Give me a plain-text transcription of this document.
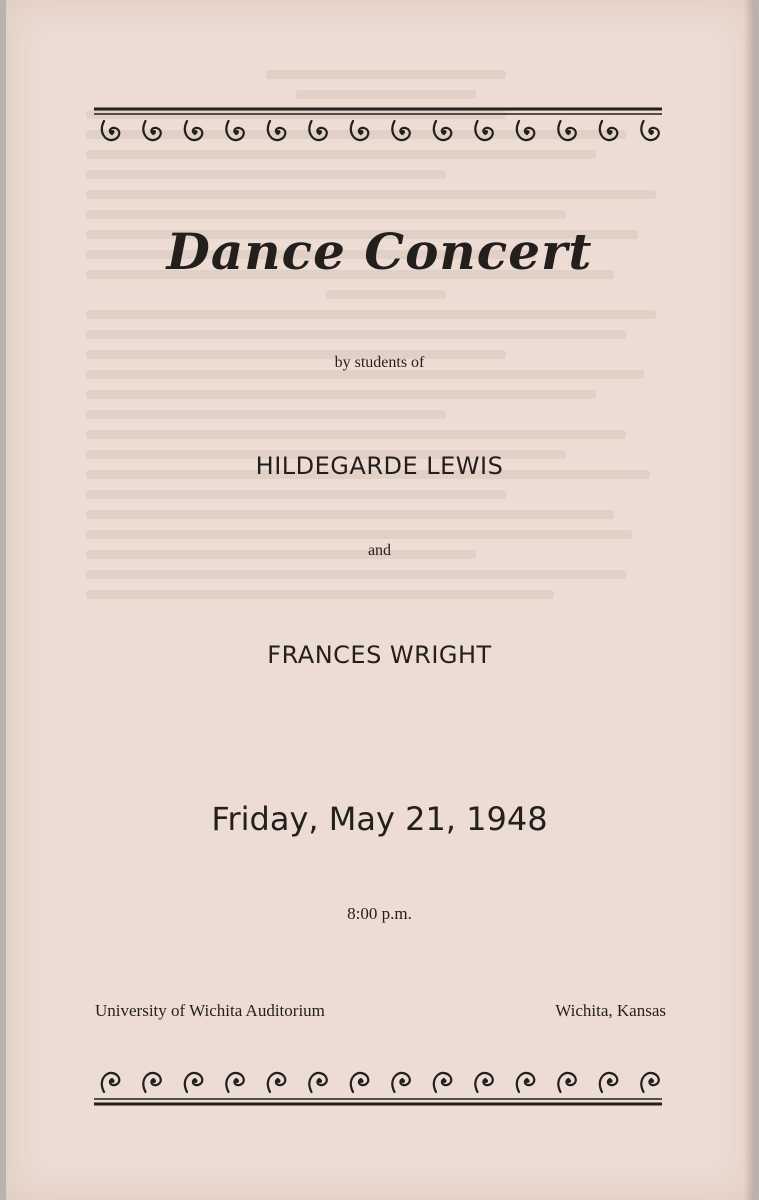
Dance Concert
by students of
HILDEGARDE LEWIS
and
FRANCES WRIGHT
Friday, May 21, 1948
8:00 p.m.
University of Wichita Auditorium	Wichita, Kansas
